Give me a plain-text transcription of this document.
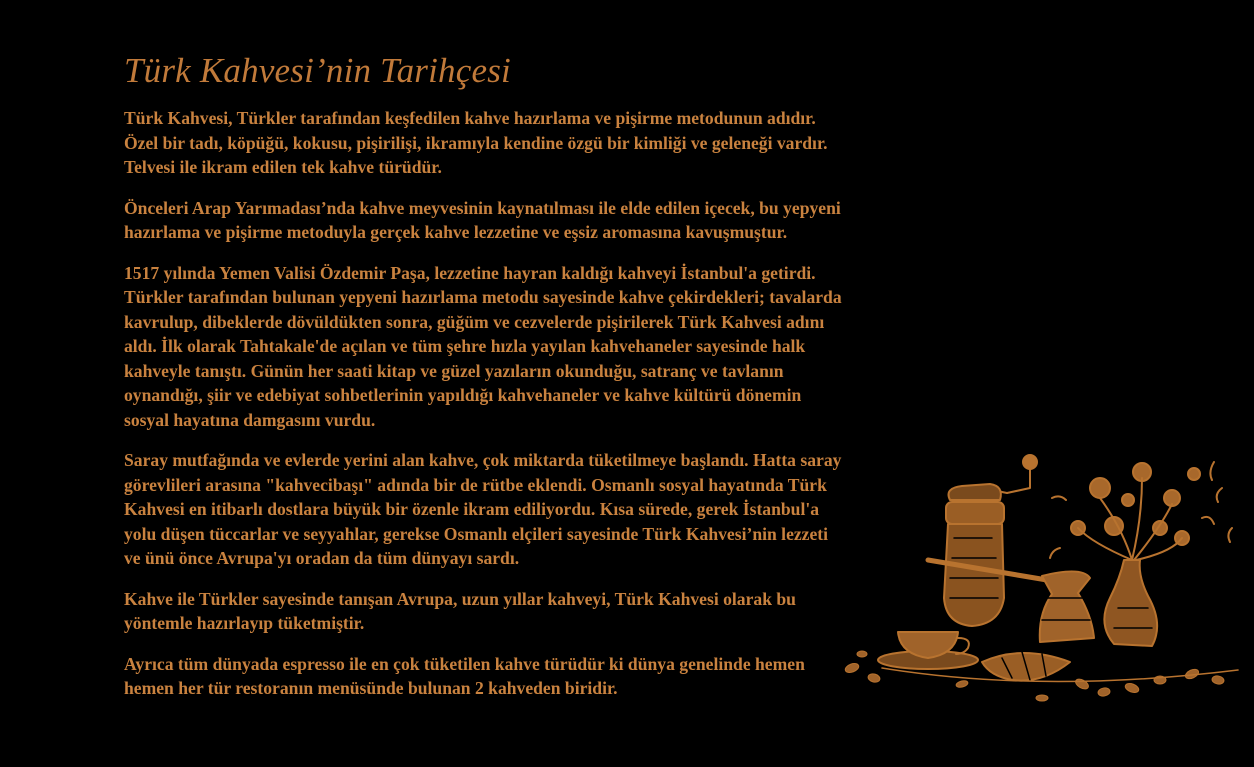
Türk Kahvesi’nin Tarihçesi

Türk Kahvesi, Türkler tarafından keşfedilen kahve hazırlama ve pişirme metodunun adıdır. Özel bir tadı, köpüğü, kokusu, pişirilişi, ikramıyla kendine özgü bir kimliği ve geleneği vardır. Telvesi ile ikram edilen tek kahve türüdür.

Önceleri Arap Yarımadası’nda kahve meyvesinin kaynatılması ile elde edilen içecek, bu yepyeni hazırlama ve pişirme metoduyla gerçek kahve lezzetine ve eşsiz aromasına kavuşmuştur.

1517 yılında Yemen Valisi Özdemir Paşa, lezzetine hayran kaldığı kahveyi İstanbul'a getirdi. Türkler tarafından bulunan yepyeni hazırlama metodu sayesinde kahve çekirdekleri; tavalarda kavrulup, dibeklerde dövüldükten sonra, güğüm ve cezvelerde pişirilerek Türk Kahvesi adını aldı. İlk olarak Tahtakale'de açılan ve tüm şehre hızla yayılan kahvehaneler sayesinde halk kahveyle tanıştı. Günün her saati kitap ve güzel yazıların okunduğu, satranç ve tavlanın oynandığı, şiir ve edebiyat sohbetlerinin yapıldığı kahvehaneler ve kahve kültürü dönemin sosyal hayatına damgasını vurdu.

Saray mutfağında ve evlerde yerini alan kahve, çok miktarda tüketilmeye başlandı. Hatta saray görevlileri arasına "kahvecibaşı" adında bir de rütbe eklendi. Osmanlı sosyal hayatında Türk Kahvesi en itibarlı dostlara büyük bir özenle ikram ediliyordu. Kısa sürede, gerek İstanbul'a yolu düşen tüccarlar ve seyyahlar, gerekse Osmanlı elçileri sayesinde Türk Kahvesi’nin lezzeti ve ünü önce Avrupa'yı oradan da tüm dünyayı sardı.

Kahve ile Türkler sayesinde tanışan Avrupa, uzun yıllar kahveyi, Türk Kahvesi olarak bu yöntemle hazırlayıp tüketmiştir.

Ayrıca tüm dünyada espresso ile en çok tüketilen kahve türüdür ki dünya genelinde hemen hemen her tür restoranın menüsünde bulunan 2 kahveden biridir.
